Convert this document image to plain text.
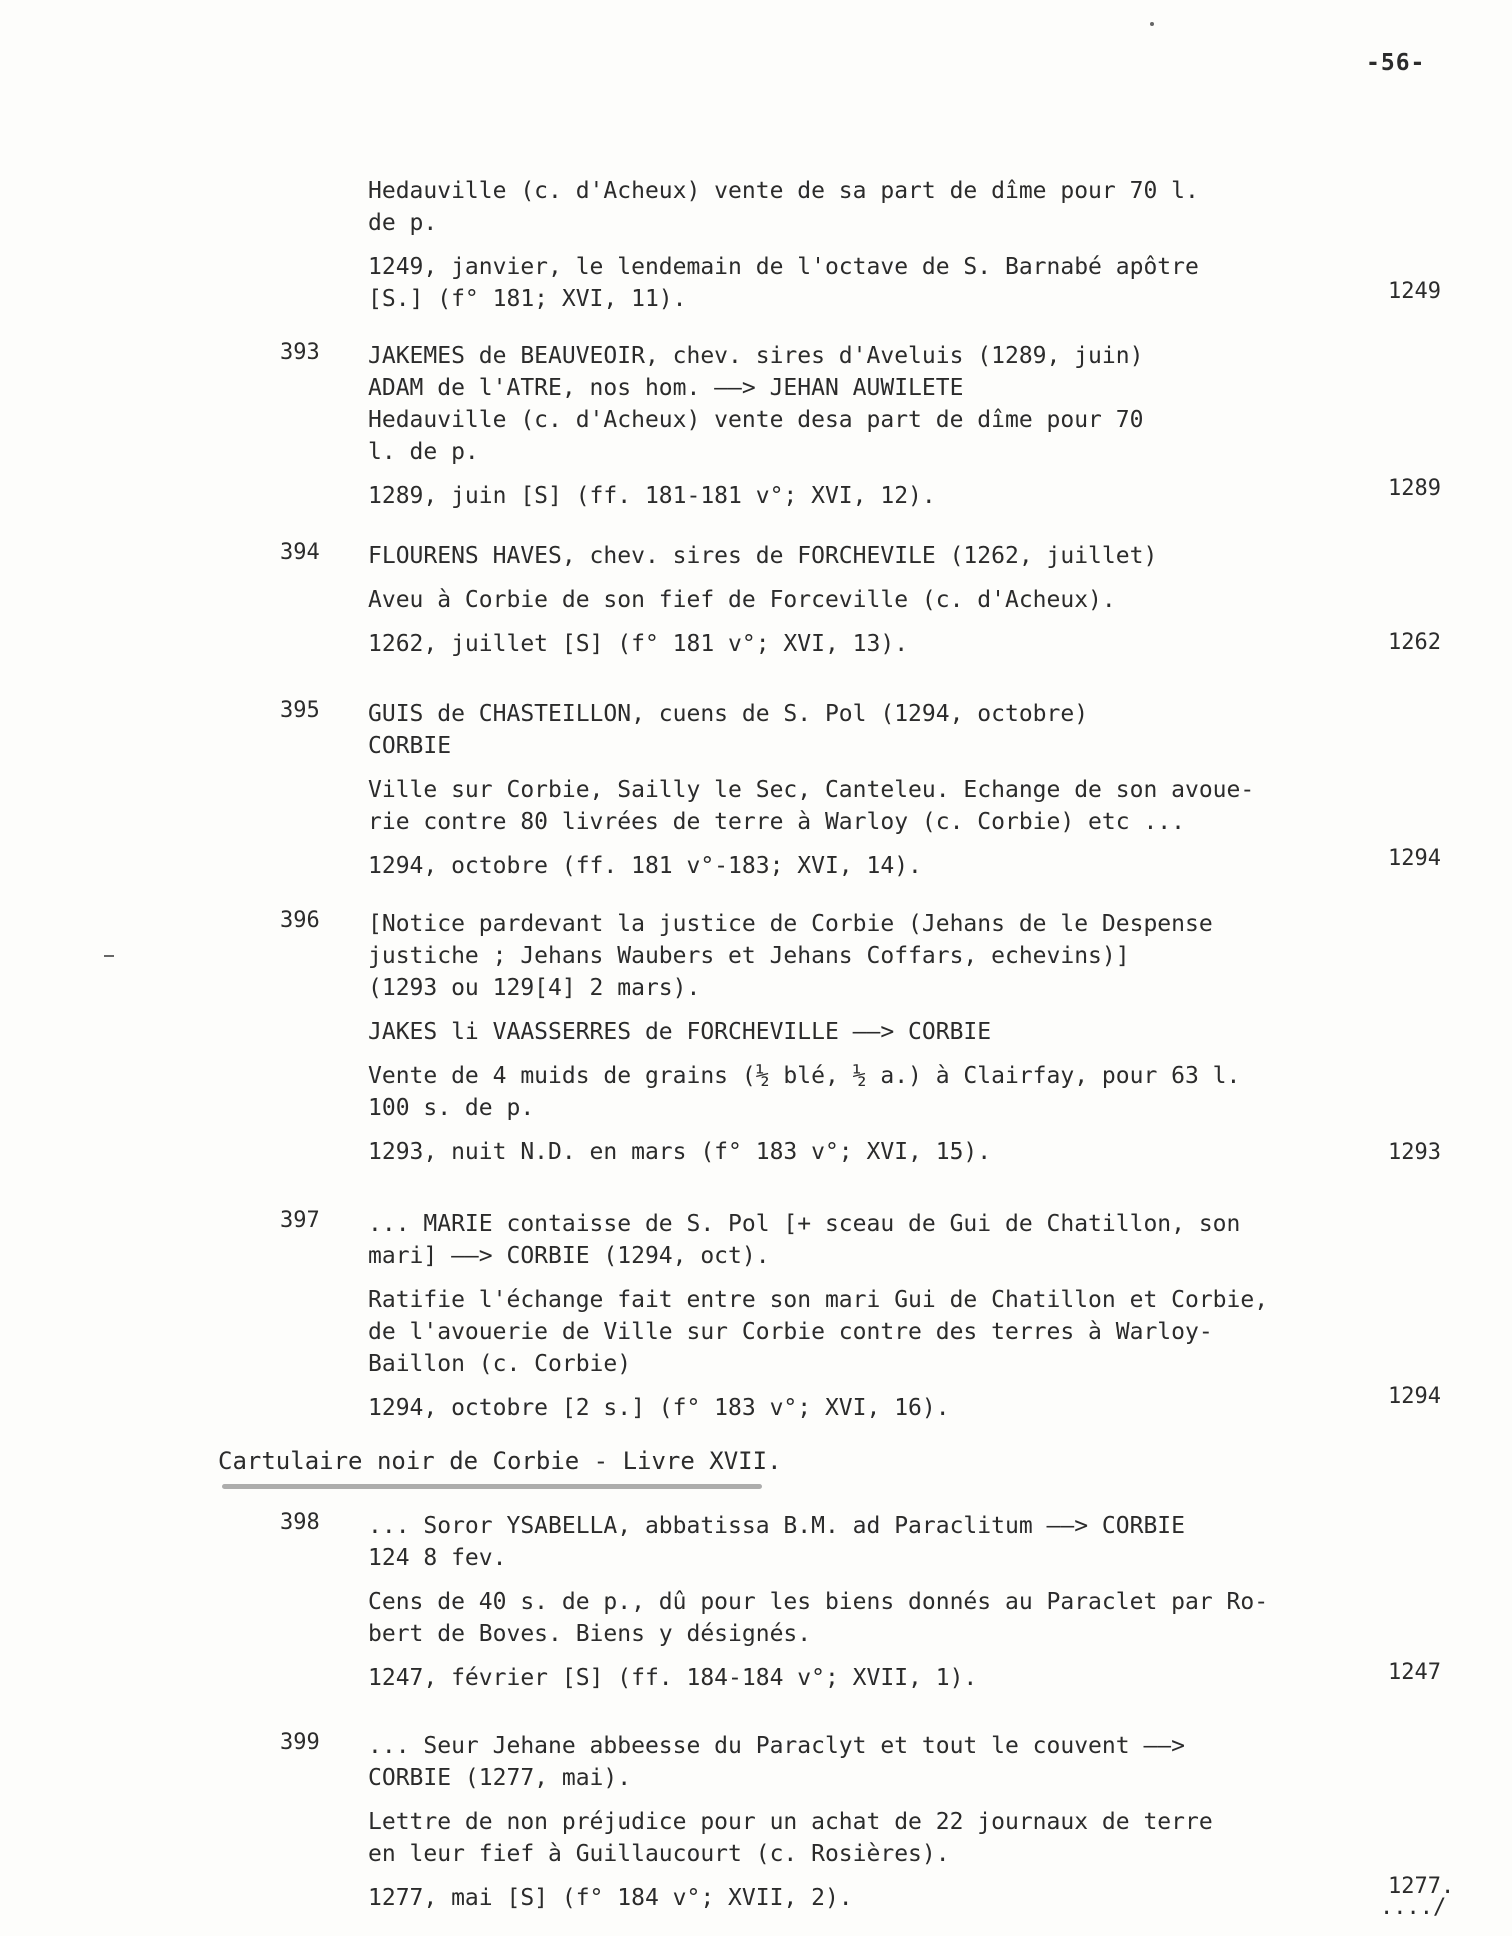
-56-

Hedauville (c. d'Acheux) vente de sa part de dîme pour 70 l.
de p.

1249, janvier, le lendemain de l'octave de S. Barnabé apôtre
[S.] (f° 181; XVI, 11).	1249
393 JAKEMES de BEAUVEOIR, chev. sires d'Aveluis (1289, juin)
ADAM de l'ATRE, nos hom. ——> JEHAN AUWILETE
Hedauville (c. d'Acheux) vente desa part de dîme pour 70
l. de p.

1289, juin [S] (ff. 181-181 v°; XVI, 12).	1289
394 FLOURENS HAVES, chev. sires de FORCHEVILE (1262, juillet)

Aveu à Corbie de son fief de Forceville (c. d'Acheux).

1262, juillet [S] (f° 181 v°; XVI, 13).	1262
395 GUIS de CHASTEILLON, cuens de S. Pol (1294, octobre)
CORBIE

Ville sur Corbie, Sailly le Sec, Canteleu. Echange de son avoue-
rie contre 80 livrées de terre à Warloy (c. Corbie) etc ...

1294, octobre (ff. 181 v°-183; XVI, 14).	1294
396 [Notice pardevant la justice de Corbie (Jehans de le Despense
justiche ; Jehans Waubers et Jehans Coffars, echevins)]
(1293 ou 129[4] 2 mars).

JAKES li VAASSERRES de FORCHEVILLE ——> CORBIE

Vente de 4 muids de grains (½ blé, ½ a.) à Clairfay, pour 63 l.
100 s. de p.

1293, nuit N.D. en mars (f° 183 v°; XVI, 15).	1293
397 ... MARIE contaisse de S. Pol [+ sceau de Gui de Chatillon, son
mari] ——> CORBIE (1294, oct).

Ratifie l'échange fait entre son mari Gui de Chatillon et Corbie,
de l'avouerie de Ville sur Corbie contre des terres à Warloy-
Baillon (c. Corbie)

1294, octobre [2 s.] (f° 183 v°; XVI, 16).	1294
Cartulaire noir de Corbie - Livre XVII.
398 ... Soror YSABELLA, abbatissa B.M. ad Paraclitum ——> CORBIE
124 8 fev.

Cens de 40 s. de p., dû pour les biens donnés au Paraclet par Ro-
bert de Boves. Biens y désignés.

1247, février [S] (ff. 184-184 v°; XVII, 1).	1247
399 ... Seur Jehane abbeesse du Paraclyt et tout le couvent ——>
CORBIE (1277, mai).

Lettre de non préjudice pour un achat de 22 journaux de terre
en leur fief à Guillaucourt (c. Rosières).

1277, mai [S] (f° 184 v°; XVII, 2).	1277.
..../
